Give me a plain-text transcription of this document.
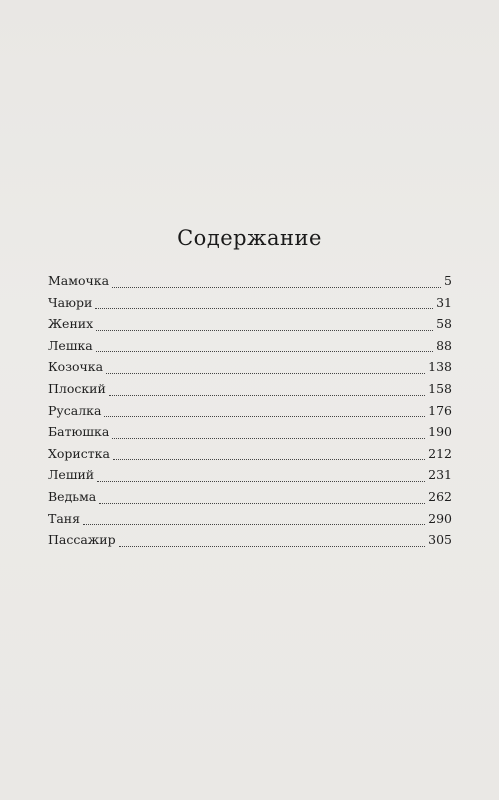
Содержание
Мамочка	5
Чаюри	31
Жених	58
Лешка	88
Козочка	138
Плоский	158
Русалка	176
Батюшка	190
Хористка	212
Леший	231
Ведьма	262
Таня	290
Пассажир	305
